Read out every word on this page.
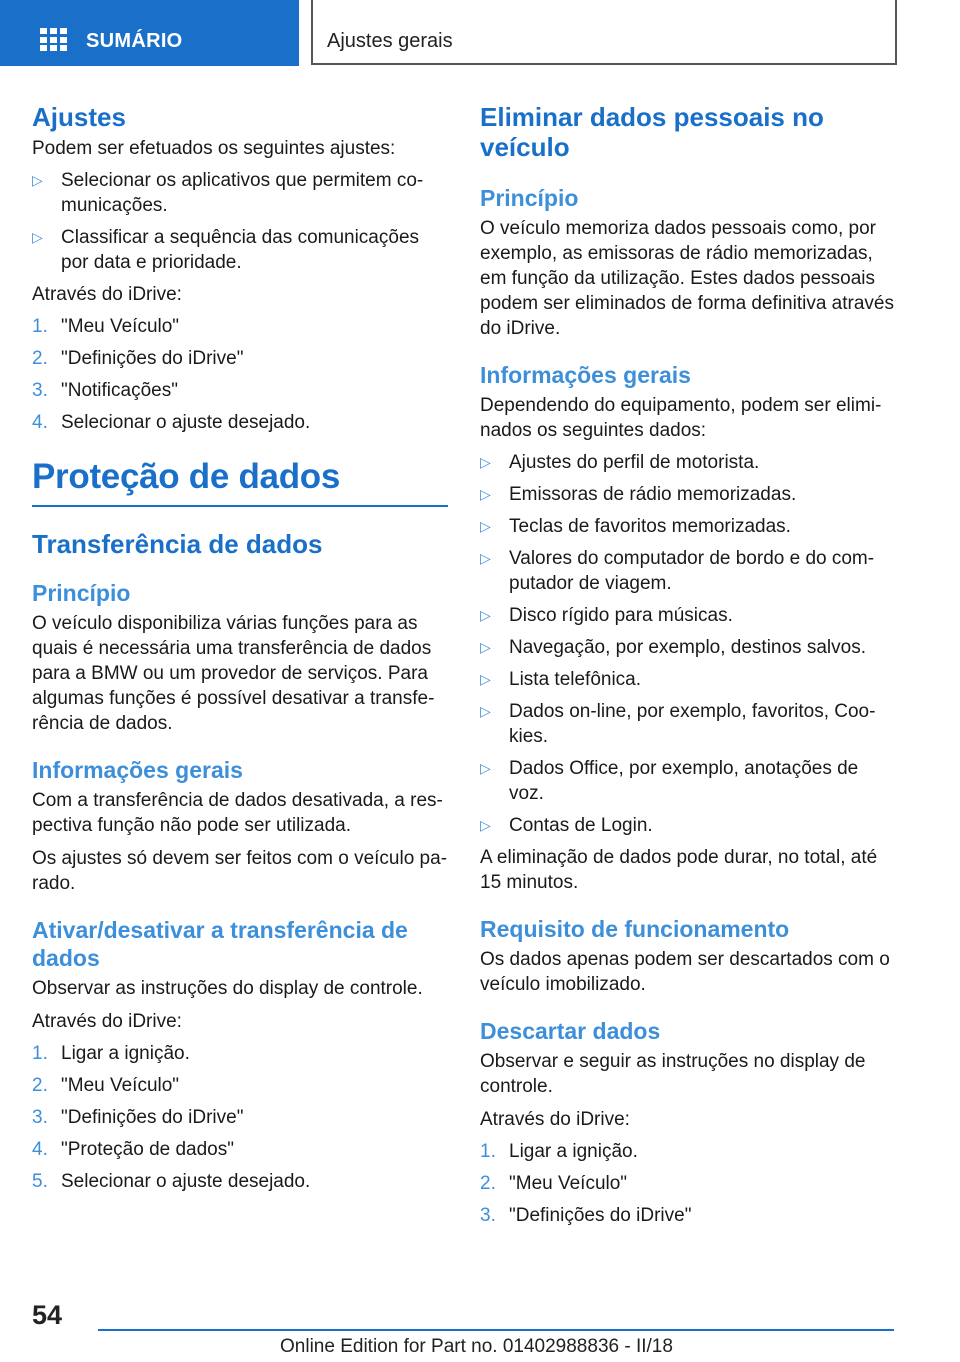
SUMÁRIO	Ajustes gerais
Ajustes

Podem ser efetuados os seguintes ajustes:

▷ Selecionar os aplicativos que permitem comunicações.
▷ Classificar a sequência das comunicações por data e prioridade.

Através do iDrive:

1. "Meu Veículo"
2. "Definições do iDrive"
3. "Notificações"
4. Selecionar o ajuste desejado.
Proteção de dados
Transferência de dados
Princípio

O veículo disponibiliza várias funções para as quais é necessária uma transferência de dados para a BMW ou um provedor de serviços. Para algumas funções é possível desativar a transferência de dados.

Informações gerais

Com a transferência de dados desativada, a respectiva função não pode ser utilizada.

Os ajustes só devem ser feitos com o veículo parado.

Ativar/desativar a transferência de dados

Observar as instruções do display de controle.

Através do iDrive:

1. Ligar a ignição.
2. "Meu Veículo"
3. "Definições do iDrive"
4. "Proteção de dados"
5. Selecionar o ajuste desejado.
Eliminar dados pessoais no veículo
Princípio

O veículo memoriza dados pessoais como, por exemplo, as emissoras de rádio memorizadas, em função da utilização. Estes dados pessoais podem ser eliminados de forma definitiva através do iDrive.

Informações gerais

Dependendo do equipamento, podem ser eliminados os seguintes dados:

▷ Ajustes do perfil de motorista.
▷ Emissoras de rádio memorizadas.
▷ Teclas de favoritos memorizadas.
▷ Valores do computador de bordo e do computador de viagem.
▷ Disco rígido para músicas.
▷ Navegação, por exemplo, destinos salvos.
▷ Lista telefônica.
▷ Dados on-line, por exemplo, favoritos, Cookies.
▷ Dados Office, por exemplo, anotações de voz.
▷ Contas de Login.

A eliminação de dados pode durar, no total, até 15 minutos.

Requisito de funcionamento

Os dados apenas podem ser descartados com o veículo imobilizado.

Descartar dados

Observar e seguir as instruções no display de controle.

Através do iDrive:

1. Ligar a ignição.
2. "Meu Veículo"
3. "Definições do iDrive"
54
Online Edition for Part no. 01402988836 - II/18
